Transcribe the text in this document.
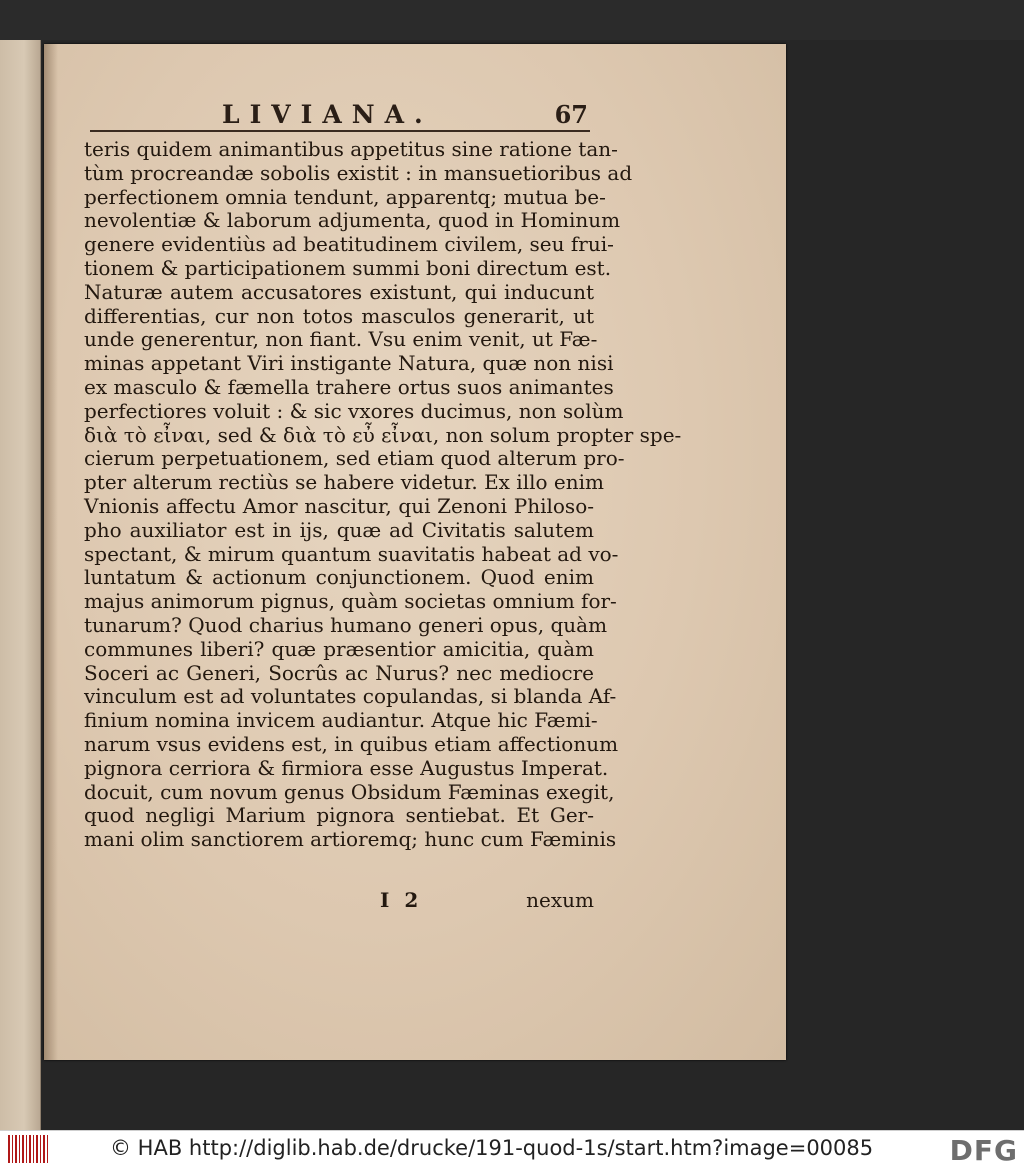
LIVIANA.	67
teris quidem animantibus appetitus sine ratione tan-
tùm procreandæ sobolis existit : in mansuetioribus ad
perfectionem omnia tendunt, apparentq; mutua be-
nevolentiæ & laborum adjumenta, quod in Hominum
genere evidentiùs ad beatitudinem civilem, seu frui-
tionem & participationem summi boni directum est.
Naturæ autem accusatores existunt, qui inducunt
differentias, cur non totos masculos generarit, ut
unde generentur, non fiant. Vsu enim venit, ut Fæ-
minas appetant Viri instigante Natura, quæ non nisi
ex masculo & fæmella trahere ortus suos animantes
perfectiores voluit : & sic vxores ducimus, non solùm
διὰ τὸ εἶναι, sed & διὰ τὸ εὖ εἶναι, non solum propter spe-
cierum perpetuationem, sed etiam quod alterum pro-
pter alterum rectiùs se habere videtur. Ex illo enim
Vnionis affectu Amor nascitur, qui Zenoni Philoso-
pho auxiliator est in ijs, quæ ad Civitatis salutem
spectant, & mirum quantum suavitatis habeat ad vo-
luntatum & actionum conjunctionem. Quod enim
majus animorum pignus, quàm societas omnium for-
tunarum? Quod charius humano generi opus, quàm
communes liberi? quæ præsentior amicitia, quàm
Soceri ac Generi, Socrûs ac Nurus? nec mediocre
vinculum est ad voluntates copulandas, si blanda Af-
finium nomina invicem audiantur. Atque hic Fæmi-
narum vsus evidens est, in quibus etiam affectionum
pignora cerriora & firmiora esse Augustus Imperat.
docuit, cum novum genus Obsidum Fæminas exegit,
quod negligi Marium pignora sentiebat. Et Ger-
mani olim sanctiorem artioremq; hunc cum Fæminis
I 2	nexum
© HAB http://diglib.hab.de/drucke/191-quod-1s/start.htm?image=00085	DFG
